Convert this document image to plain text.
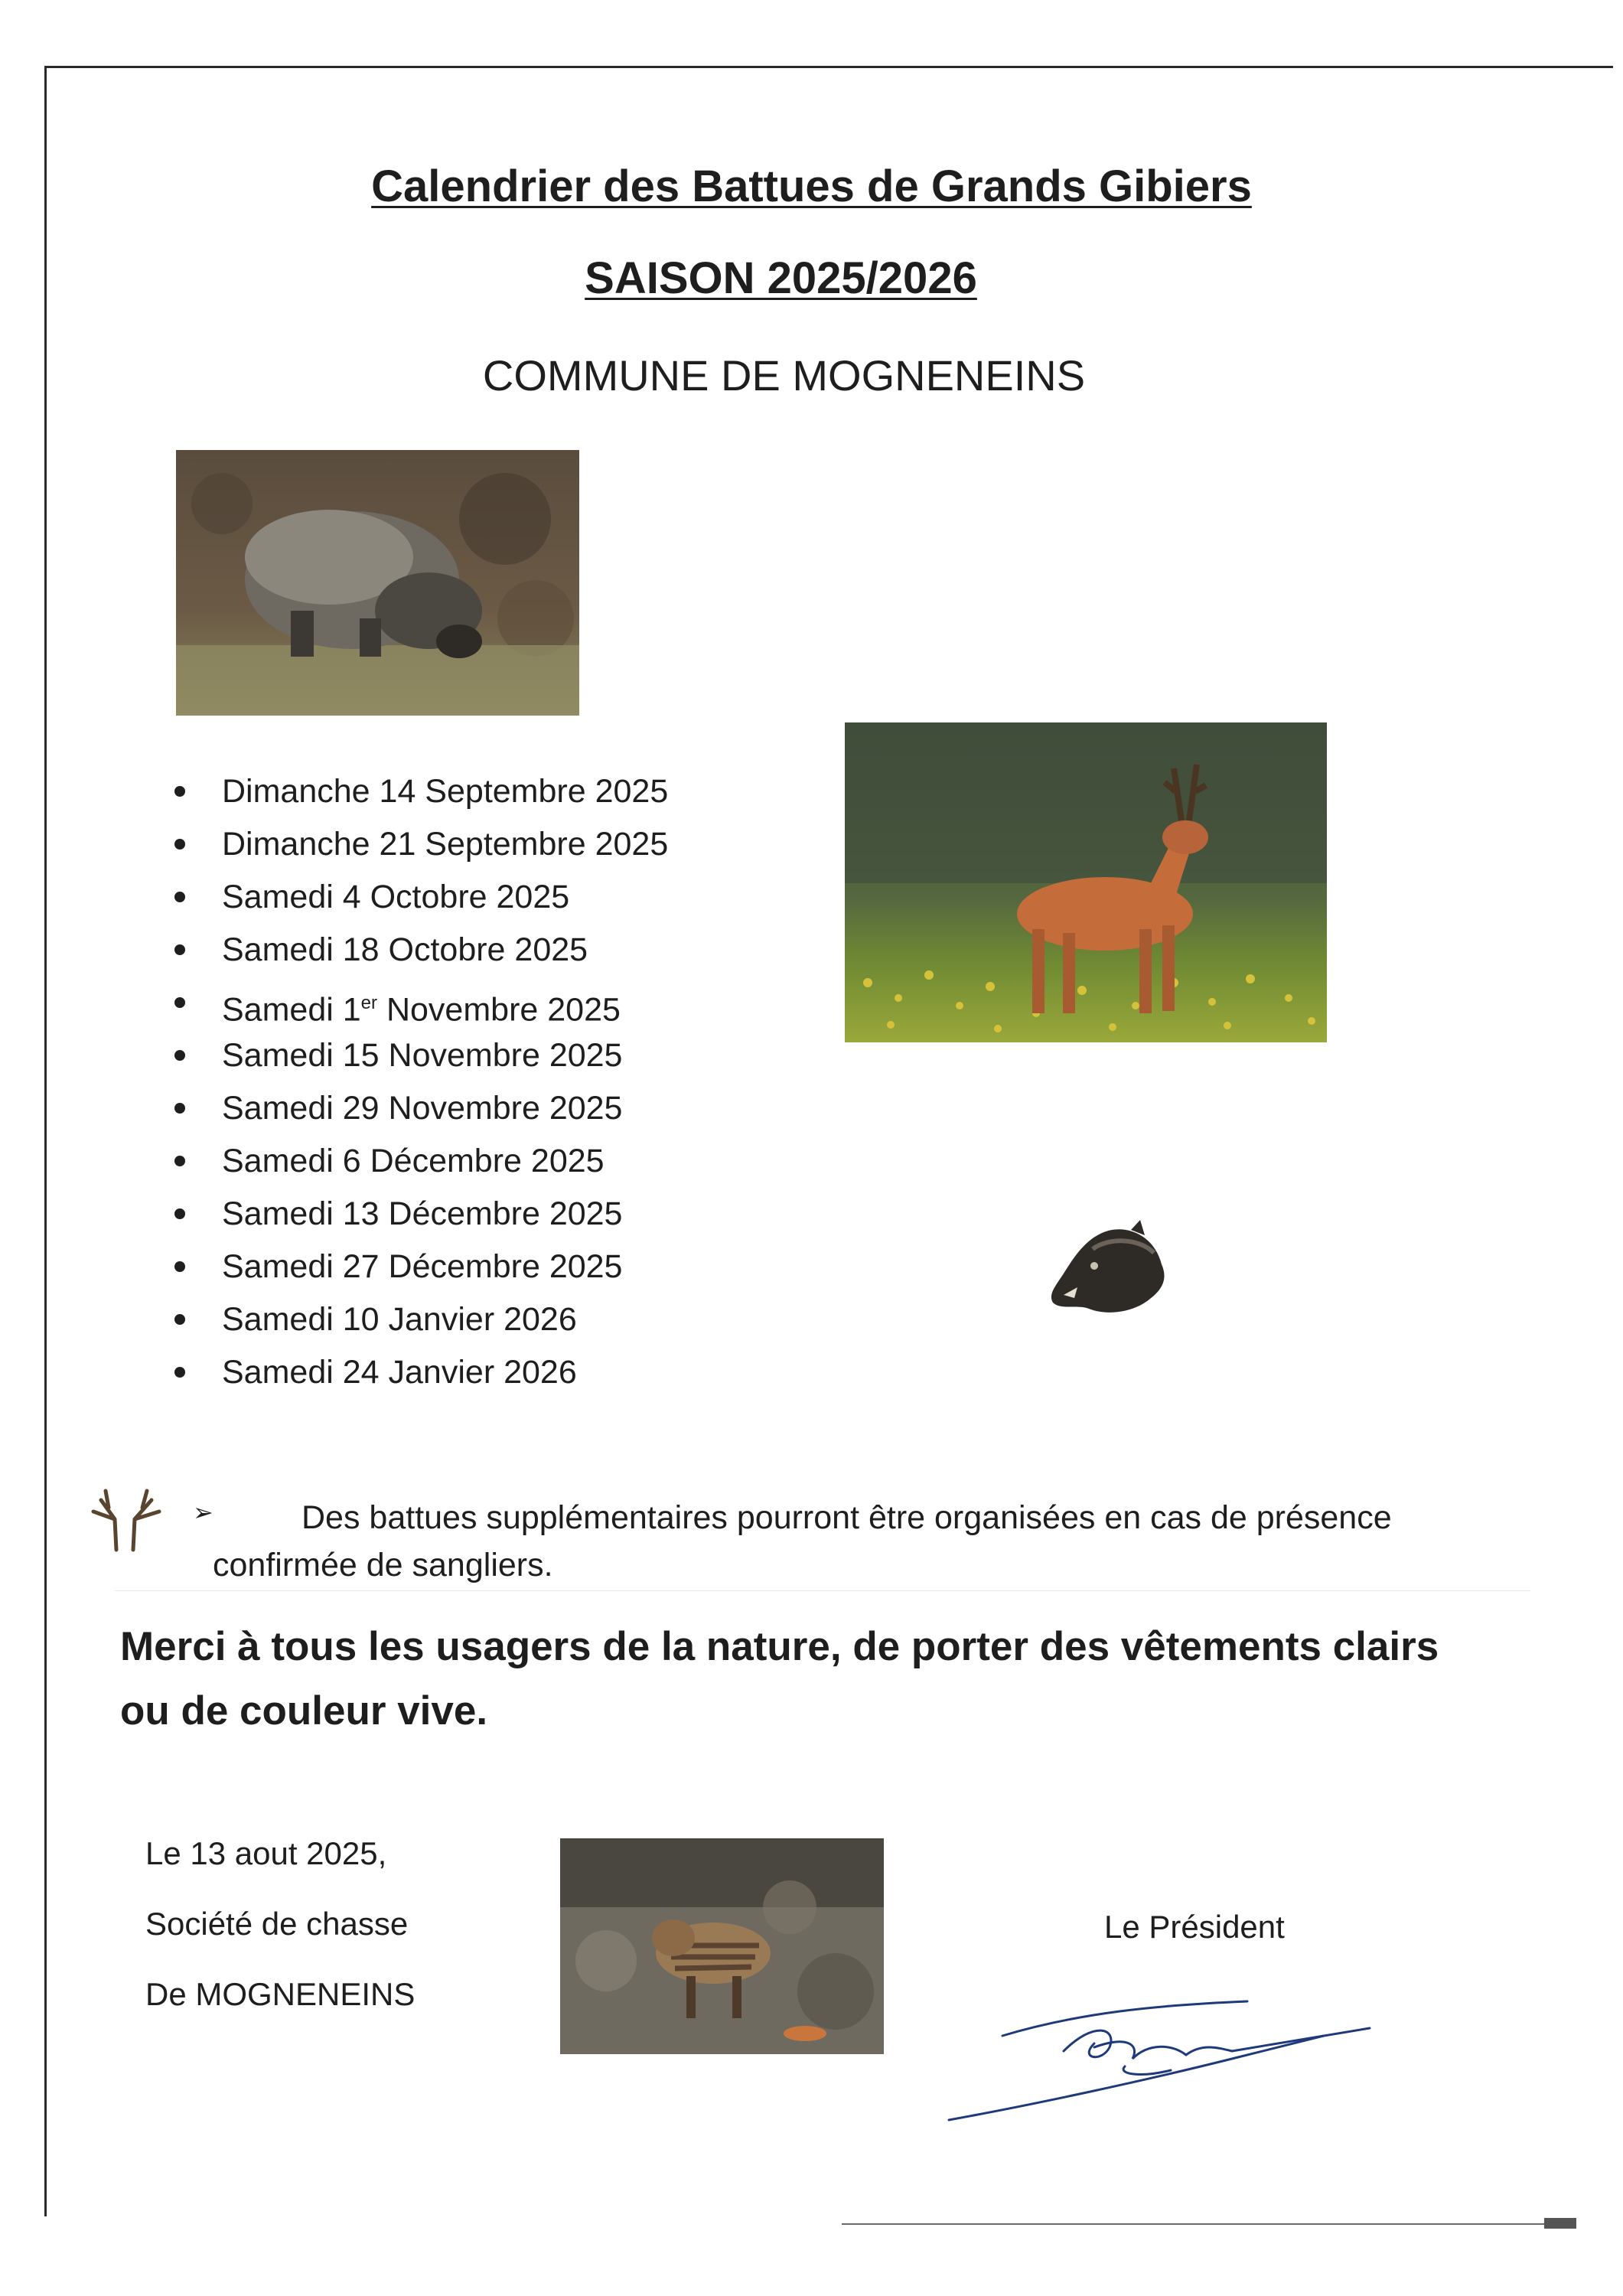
Calendrier des Battues de Grands Gibiers
SAISON 2025/2026
COMMUNE DE MOGNENEINS
Dimanche 14 Septembre 2025
Dimanche 21 Septembre 2025
Samedi 4 Octobre 2025
Samedi 18 Octobre 2025
Samedi 1er Novembre 2025
Samedi 15 Novembre 2025
Samedi 29 Novembre 2025
Samedi 6 Décembre 2025
Samedi 13 Décembre 2025
Samedi 27 Décembre 2025
Samedi 10 Janvier 2026
Samedi 24 Janvier 2026
➢	Des battues supplémentaires pourront être organisées en cas de présence confirmée de sangliers.
Merci à tous les usagers de la nature, de porter des vêtements clairs ou de couleur vive.
Le 13 aout 2025,
Société de chasse
De MOGNENEINS
Le Président
